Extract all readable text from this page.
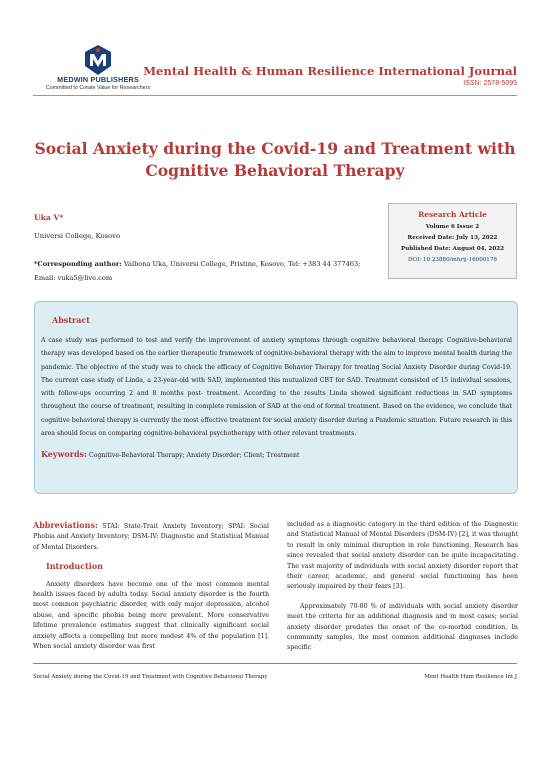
MEDWIN PUBLISHERS
Committed to Create Value for Researchers
Mental Health & Human Resilience International Journal
ISSN: 2578-5095
Social Anxiety during the Covid-19 and Treatment with Cognitive Behavioral Therapy
Uka V*
Universi College, Kosovo
*Corresponding author: Valbona Uka, Universi College, Pristine, Kosovo, Tel: +383 44 377463; Email: vuka5@live.com
Research Article
Volume 6 Issue 2
Received Date: July 13, 2022
Published Date: August 04, 2022
DOI: 10.23880/mhrij-16000178
Abstract
A case study was performed to test and verify the improvement of anxiety symptoms through cognitive behavioral therapy. Cognitive-behavioral therapy was developed based on the earlier therapeutic framework of cognitive-behavioral therapy with the aim to improve mental health during the pandemic. The objective of the study was to check the efficacy of Cognitive Behavior Therapy for treating Social Anxiety Disorder during Covid-19. The current case study of Linda, a 23-year-old with SAD, implemented this mutualized CBT for SAD. Treatment consisted of 15 individual sessions, with follow-ups occurring 2 and 8 months post- treatment. According to the results Linda showed significant reductions in SAD symptoms throughout the course of treatment, resulting in complete remission of SAD at the end of formal treatment. Based on the evidence, we conclude that cognitive behavioral therapy is currently the most effective treatment for social anxiety disorder during a Pandemic situation. Future research in this area should focus on comparing cognitive-behavioral psychotherapy with other relevant treatments.
Keywords: Cognitive-Behavioral Therapy; Anxiety Disorder; Client; Treatment

Abbreviations: STAI: State-Trait Anxiety Inventory; SPAI: Social Phobia and Anxiety Inventory; DSM-IV: Diagnostic and Statistical Manual of Mental Disorders.

Introduction

Anxiety disorders have become one of the most common mental health issues faced by adults today. Social anxiety disorder is the fourth most common psychiatric disorder, with only major depression, alcohol abuse, and specific phobia being more prevalent. More conservative lifetime prevalence estimates suggest that clinically significant social anxiety affects a compelling but more modest 4% of the population [1]. When social anxiety disorder was first

included as a diagnostic category in the third edition of the Diagnostic and Statistical Manual of Mental Disorders (DSM-IV) [2], it was thought to result in only minimal disruption in role functioning. Research has since revealed that social anxiety disorder can be quite incapacitating. The vast majority of individuals with social anxiety disorder report that their career, academic, and general social functioning has been seriously impaired by their fears [3].

Approximately 70-80 % of individuals with social anxiety disorder meet the criteria for an additional diagnosis and in most cases; social anxiety disorder predates the onset of the co-morbid condition. In community samples, the most common additional diagnoses include specific

Social Anxiety during the Covid-19 and Treatment with Cognitive Behavioral Therapy	Ment Health Hum Resilience Int J
